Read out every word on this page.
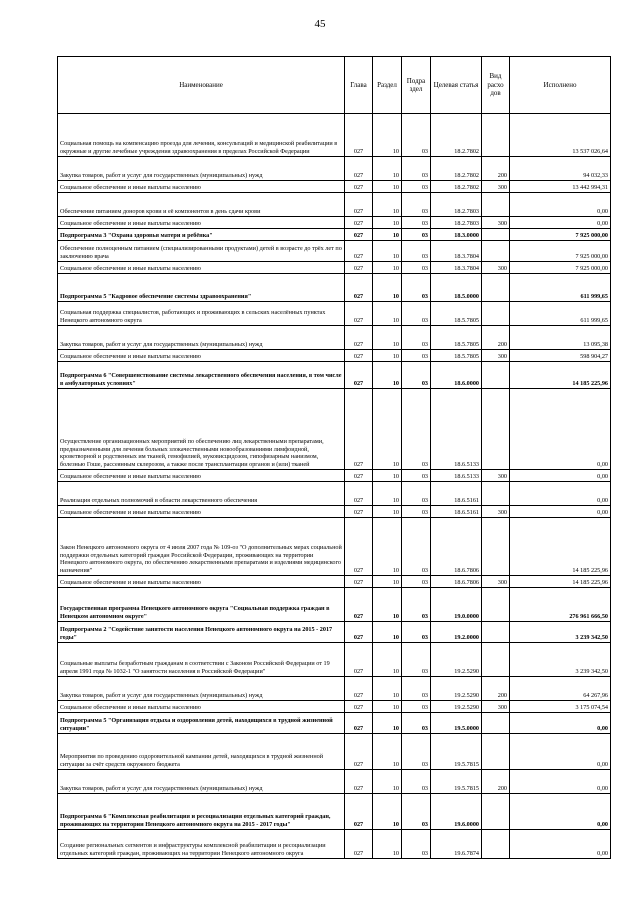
45
Наименование	Глава	Раздел	Подра здел	Целевая статья	Вид расхо дов	Исполнено
Социальная помощь на компенсацию проезда для лечения, консультаций и медицинской реабилитации в окружные и другие лечебные учреждения здравоохранения в пределах Российской Федерации	027	10	03	18.2.7802		13 537 026,64
Закупка товаров, работ и услуг для государственных (муниципальных) нужд	027	10	03	18.2.7802	200	94 032,33
Социальное обеспечение и иные выплаты населению	027	10	03	18.2.7802	300	13 442 994,31
Обеспечение питанием доноров крови и её компонентов в день сдачи крови	027	10	03	18.2.7803		0,00
Социальное обеспечение и иные выплаты населению	027	10	03	18.2.7803	300	0,00
Подпрограмма 3 "Охрана здоровья матери и ребёнка"	027	10	03	18.3.0000		7 925 000,00
Обеспечение полноценным питанием (специализированными продуктами) детей в возрасте до трёх лет по заключению врача	027	10	03	18.3.7804		7 925 000,00
Социальное обеспечение и иные выплаты населению	027	10	03	18.3.7804	300	7 925 000,00
Подпрограмма 5 "Кадровое обеспечение системы здравоохранения"	027	10	03	18.5.0000		611 999,65
Социальная поддержка специалистов, работающих и проживающих в сельских населённых пунктах Ненецкого автономного округа	027	10	03	18.5.7805		611 999,65
Закупка товаров, работ и услуг для государственных (муниципальных) нужд	027	10	03	18.5.7805	200	13 095,38
Социальное обеспечение и иные выплаты населению	027	10	03	18.5.7805	300	598 904,27
Подпрограмма 6 "Совершенствование системы лекарственного обеспечения населения, в том числе в амбулаторных условиях"	027	10	03	18.6.0000		14 185 225,96
Осуществление организационных мероприятий по обеспечению лиц лекарственными препаратами, предназначенными для лечения больных злокачественными новообразованиями лимфоидной, кроветворной и родственных им тканей, гемофилией, муковисцидозом, гипофизарным нанизмом, болезнью Гоше, рассеянным склерозом, а также после трансплантации органов и (или) тканей	027	10	03	18.6.5133		0,00
Социальное обеспечение и иные выплаты населению	027	10	03	18.6.5133	300	0,00
Реализация отдельных полномочий в области лекарственного обеспечения	027	10	03	18.6.5161		0,00
Социальное обеспечение и иные выплаты населению	027	10	03	18.6.5161	300	0,00
Закон Ненецкого автономного округа от 4 июля 2007 года № 109-оз "О дополнительных мерах социальной поддержки отдельных категорий граждан Российской Федерации, проживающих на территории Ненецкого автономного округа, по обеспечению лекарственными препаратами и изделиями медицинского назначения"	027	10	03	18.6.7806		14 185 225,96
Социальное обеспечение и иные выплаты населению	027	10	03	18.6.7806	300	14 185 225,96
Государственная программа Ненецкого автономного округа "Социальная поддержка граждан в Ненецком автономном округе"	027	10	03	19.0.0000		276 961 666,50
Подпрограмма 2 "Содействие занятости населения Ненецкого автономного округа на 2015 - 2017 годы"	027	10	03	19.2.0000		3 239 342,50
Социальные выплаты безработным гражданам в соответствии с Законом Российской Федерации от 19 апреля 1991 года № 1032-1 "О занятости населения в Российской Федерации"	027	10	03	19.2.5290		3 239 342,50
Закупка товаров, работ и услуг для государственных (муниципальных) нужд	027	10	03	19.2.5290	200	64 267,96
Социальное обеспечение и иные выплаты населению	027	10	03	19.2.5290	300	3 175 074,54
Подпрограмма 5 "Организация отдыха и оздоровления детей, находящихся в трудной жизненной ситуации"	027	10	03	19.5.0000		0,00
Мероприятия по проведению оздоровительной кампании детей, находящихся в трудной жизненной ситуации за счёт средств окружного бюджета	027	10	03	19.5.7815		0,00
Закупка товаров, работ и услуг для государственных (муниципальных) нужд	027	10	03	19.5.7815	200	0,00
Подпрограмма 6 "Комплексная реабилитация и ресоциализация отдельных категорий граждан, проживающих на территории Ненецкого автономного округа на 2015 - 2017 годы"	027	10	03	19.6.0000		0,00
Создание региональных сегментов и инфраструктуры комплексной реабилитации и ресоциализации отдельных категорий граждан, проживающих на территории Ненецкого автономного округа	027	10	03	19.6.7874		0,00
